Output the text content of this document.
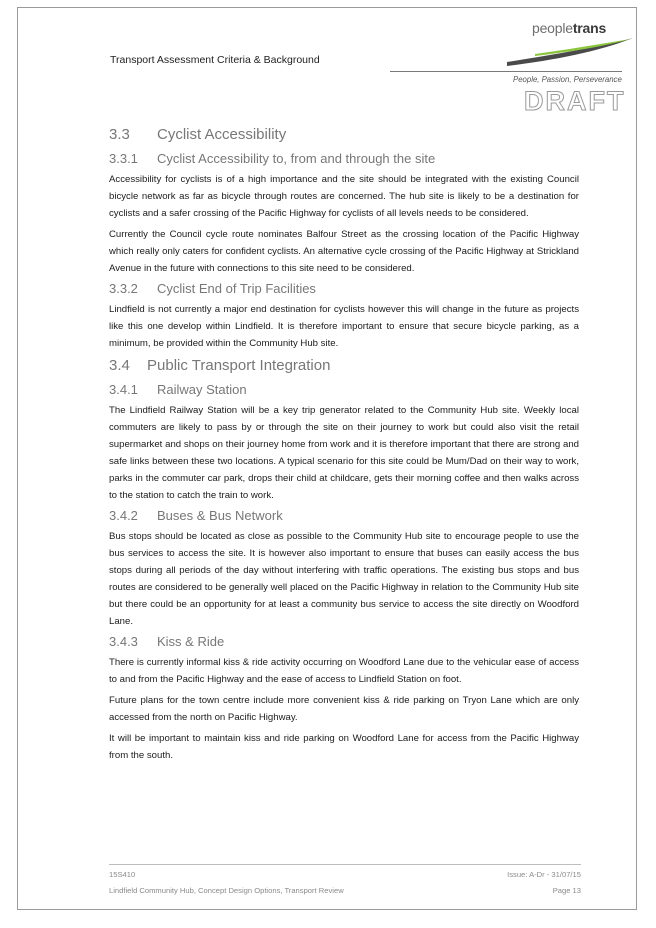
Transport Assessment Criteria & Background
peopletrans
People, Passion, Perseverance
DRAFT
3.3	Cyclist Accessibility
3.3.1	Cyclist Accessibility to, from and through the site

Accessibility for cyclists is of a high importance and the site should be integrated with the existing Council bicycle network as far as bicycle through routes are concerned. The hub site is likely to be a destination for cyclists and a safer crossing of the Pacific Highway for cyclists of all levels needs to be considered.

Currently the Council cycle route nominates Balfour Street as the crossing location of the Pacific Highway which really only caters for confident cyclists. An alternative cycle crossing of the Pacific Highway at Strickland Avenue in the future with connections to this site need to be considered.

3.3.2	Cyclist End of Trip Facilities

Lindfield is not currently a major end destination for cyclists however this will change in the future as projects like this one develop within Lindfield. It is therefore important to ensure that secure bicycle parking, as a minimum, be provided within the Community Hub site.

3.4	Public Transport Integration
3.4.1	Railway Station

The Lindfield Railway Station will be a key trip generator related to the Community Hub site. Weekly local commuters are likely to pass by or through the site on their journey to work but could also visit the retail supermarket and shops on their journey home from work and it is therefore important that there are strong and safe links between these two locations. A typical scenario for this site could be Mum/Dad on their way to work, parks in the commuter car park, drops their child at childcare, gets their morning coffee and then walks across to the station to catch the train to work.

3.4.2	Buses & Bus Network

Bus stops should be located as close as possible to the Community Hub site to encourage people to use the bus services to access the site. It is however also important to ensure that buses can easily access the bus stops during all periods of the day without interfering with traffic operations. The existing bus stops and bus routes are considered to be generally well placed on the Pacific Highway in relation to the Community Hub site but there could be an opportunity for at least a community bus service to access the site directly on Woodford Lane.

3.4.3	Kiss & Ride

There is currently informal kiss & ride activity occurring on Woodford Lane due to the vehicular ease of access to and from the Pacific Highway and the ease of access to Lindfield Station on foot.

Future plans for the town centre include more convenient kiss & ride parking on Tryon Lane which are only accessed from the north on Pacific Highway.

It will be important to maintain kiss and ride parking on Woodford Lane for access from the Pacific Highway from the south.

15S410	Issue: A-Dr - 31/07/15
Lindfield Community Hub, Concept Design Options, Transport Review	Page 13
